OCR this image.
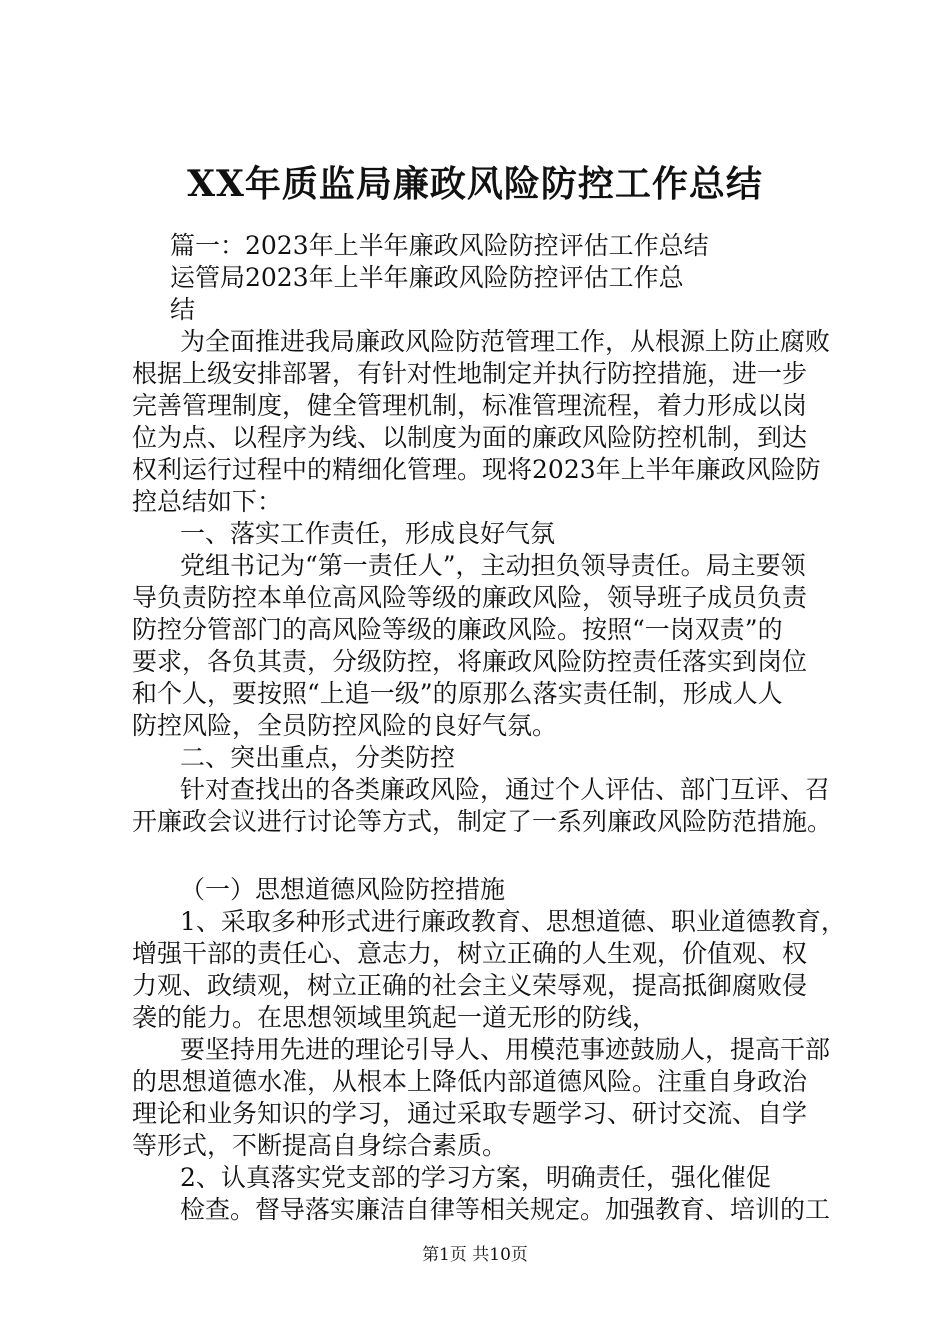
XX年质监局廉政风险防控工作总结
篇一：2023年上半年廉政风险防控评估工作总结
运管局2023年上半年廉政风险防控评估工作总
结
为全面推进我局廉政风险防范管理工作，从根源上防止腐败
根据上级安排部署，有针对性地制定并执行防控措施，进一步
完善管理制度，健全管理机制，标准管理流程，着力形成以岗
位为点、以程序为线、以制度为面的廉政风险防控机制，到达
权利运行过程中的精细化管理。现将2023年上半年廉政风险防
控总结如下：
一、落实工作责任，形成良好气氛
党组书记为“第一责任人”，主动担负领导责任。局主要领
导负责防控本单位高风险等级的廉政风险，领导班子成员负责
防控分管部门的高风险等级的廉政风险。按照“一岗双责”的
要求，各负其责，分级防控，将廉政风险防控责任落实到岗位
和个人，要按照“上追一级”的原那么落实责任制，形成人人
防控风险，全员防控风险的良好气氛。
二、突出重点，分类防控
针对查找出的各类廉政风险，通过个人评估、部门互评、召
开廉政会议进行讨论等方式，制定了一系列廉政风险防范措施。
（一）思想道德风险防控措施
1、采取多种形式进行廉政教育、思想道德、职业道德教育，
增强干部的责任心、意志力，树立正确的人生观，价值观、权
力观、政绩观，树立正确的社会主义荣辱观，提高抵御腐败侵
袭的能力。在思想领域里筑起一道无形的防线，
要坚持用先进的理论引导人、用模范事迹鼓励人，提高干部
的思想道德水准，从根本上降低内部道德风险。注重自身政治
理论和业务知识的学习，通过采取专题学习、研讨交流、自学
等形式，不断提高自身综合素质。
2、认真落实党支部的学习方案，明确责任，强化催促
检查。督导落实廉洁自律等相关规定。加强教育、培训的工
第1页 共10页
